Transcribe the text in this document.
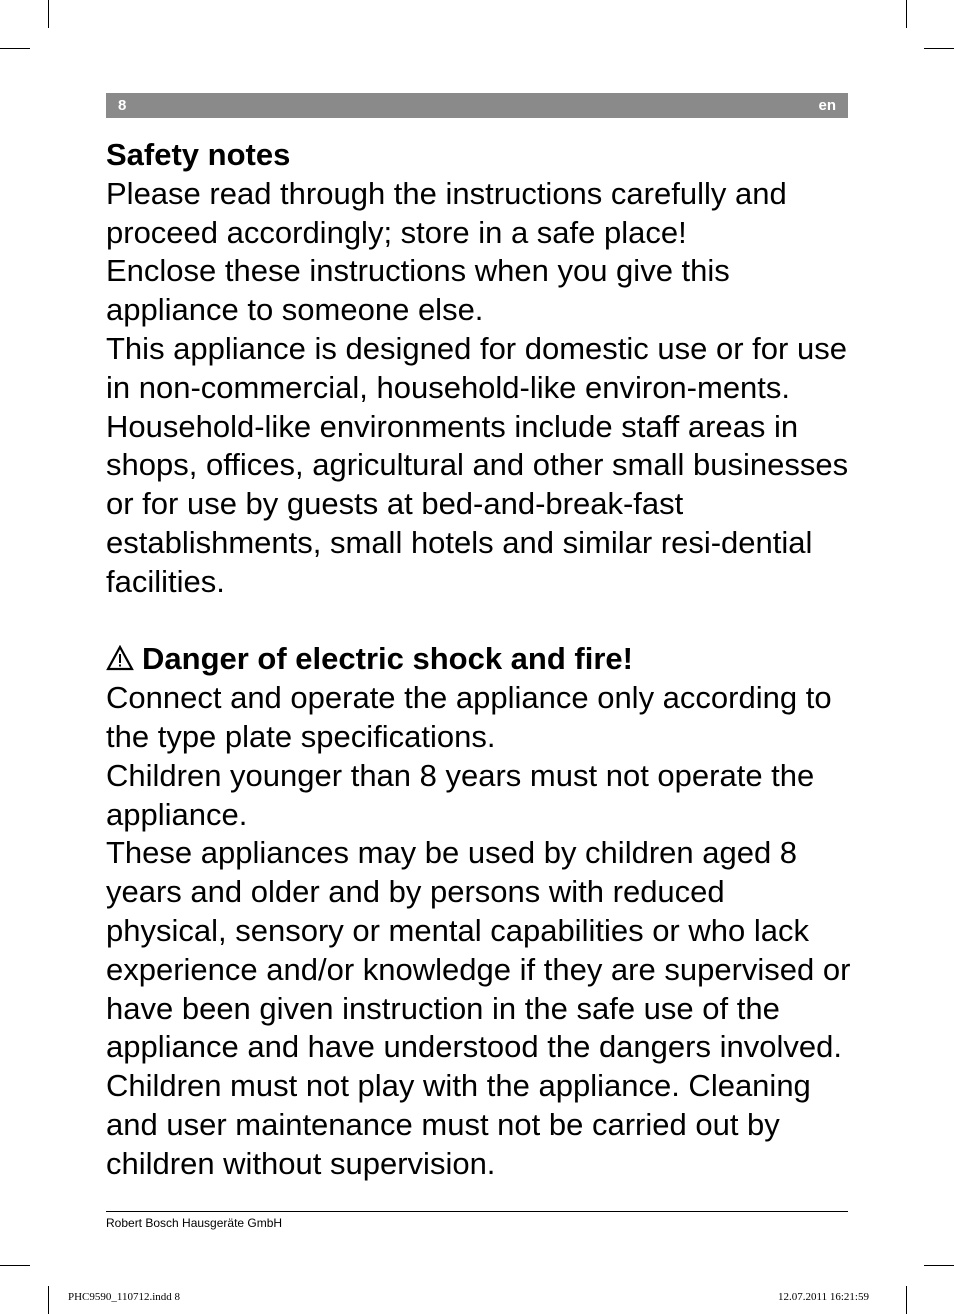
8	en
Safety notes

Please read through the instructions carefully and proceed accordingly; store in a safe place!

Enclose these instructions when you give this appliance to someone else.

This appliance is designed for domestic use or for use in non-commercial, household-like environ-ments. Household-like environments include staff areas in shops, offices, agricultural and other small businesses or for use by guests at bed-and-break-fast establishments, small hotels and similar resi-dential facilities.

Danger of electric shock and fire!

Connect and operate the appliance only according to the type plate specifications.

Children younger than 8 years must not operate the appliance.

These appliances may be used by children aged 8 years and older and by persons with reduced physical, sensory or mental capabilities or who lack experience and/or knowledge if they are supervised or have been given instruction in the safe use of the appliance and have understood the dangers involved. Children must not play with the appliance. Cleaning and user maintenance must not be carried out by children without supervision.

Robert Bosch Hausgeräte GmbH
PHC9590_110712.indd 8	12.07.2011 16:21:59
